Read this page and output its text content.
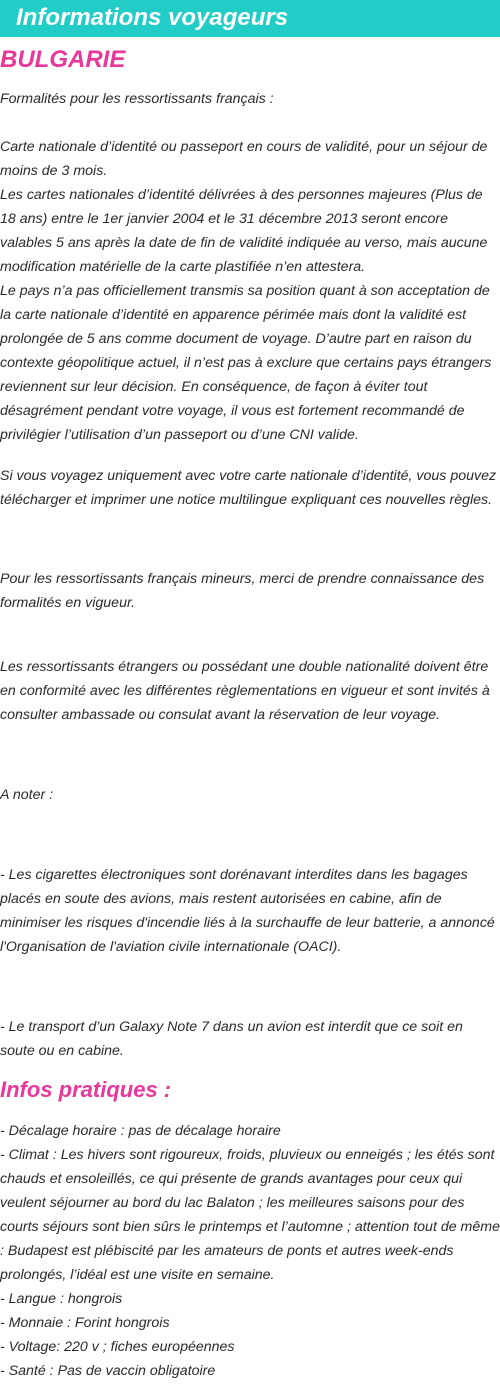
Informations voyageurs
BULGARIE

Formalités pour les ressortissants français :

Carte nationale d’identité ou passeport en cours de validité, pour un séjour de moins de 3 mois.
Les cartes nationales d’identité délivrées à des personnes majeures (Plus de 18 ans) entre le 1er janvier 2004 et le 31 décembre 2013 seront encore valables 5 ans après la date de fin de validité indiquée au verso, mais aucune modification matérielle de la carte plastifiée n’en attestera.
Le pays n’a pas officiellement transmis sa position quant à son acceptation de la carte nationale d’identité en apparence périmée mais dont la validité est prolongée de 5 ans comme document de voyage. D’autre part en raison du contexte géopolitique actuel, il n’est pas à exclure que certains pays étrangers reviennent sur leur décision. En conséquence, de façon à éviter tout désagrément pendant votre voyage, il vous est fortement recommandé de privilégier l’utilisation d’un passeport ou d’une CNI valide.

Si vous voyagez uniquement avec votre carte nationale d’identité, vous pouvez télécharger et imprimer une notice multilingue expliquant ces nouvelles règles.

Pour les ressortissants français mineurs, merci de prendre connaissance des formalités en vigueur.

Les ressortissants étrangers ou possédant une double nationalité doivent être en conformité avec les différentes règlementations en vigueur et sont invités à consulter ambassade ou consulat avant la réservation de leur voyage.

A noter :

- Les cigarettes électroniques sont dorénavant interdites dans les bagages placés en soute des avions, mais restent autorisées en cabine, afin de minimiser les risques d'incendie liés à la surchauffe de leur batterie, a annoncé l'Organisation de l'aviation civile internationale (OACI).

- Le transport d’un Galaxy Note 7 dans un avion est interdit que ce soit en soute ou en cabine.

Infos pratiques :
- Décalage horaire : pas de décalage horaire
- Climat : Les hivers sont rigoureux, froids, pluvieux ou enneigés ; les étés sont chauds et ensoleillés, ce qui présente de grands avantages pour ceux qui veulent séjourner au bord du lac Balaton ; les meilleures saisons pour des courts séjours sont bien sûrs le printemps et l’automne ; attention tout de même : Budapest est plébiscité par les amateurs de ponts et autres week-ends prolongés, l’idéal est une visite en semaine.
- Langue : hongrois
- Monnaie : Forint hongrois
- Voltage: 220 v ; fiches européennes
- Santé : Pas de vaccin obligatoire
